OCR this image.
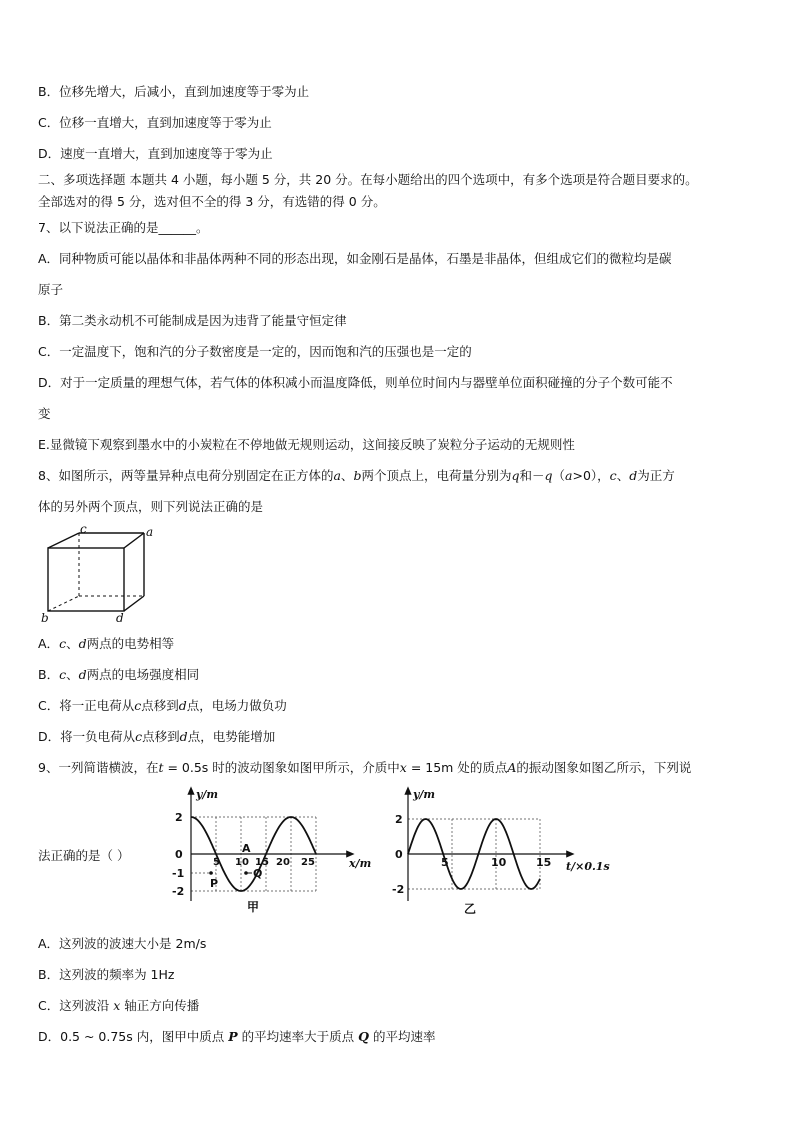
B．位移先增大，后减小，直到加速度等于零为止
C．位移一直增大，直到加速度等于零为止
D．速度一直增大，直到加速度等于零为止
二、多项选择题 本题共 4 小题，每小题 5 分，共 20 分。在每小题给出的四个选项中，有多个选项是符合题目要求的。
全部选对的得 5 分，选对但不全的得 3 分，有选错的得 0 分。
7、以下说法正确的是______。
A．同种物质可能以晶体和非晶体两种不同的形态出现，如金刚石是晶体，石墨是非晶体，但组成它们的微粒均是碳
原子
B．第二类永动机不可能制成是因为违背了能量守恒定律
C．一定温度下，饱和汽的分子数密度是一定的，因而饱和汽的压强也是一定的
D．对于一定质量的理想气体，若气体的体积减小而温度降低，则单位时间内与器壁单位面积碰撞的分子个数可能不
变
E.显微镜下观察到墨水中的小炭粒在不停地做无规则运动，这间接反映了炭粒分子运动的无规则性
8、如图所示，两等量异种点电荷分别固定在正方体的a、b两个顶点上，电荷量分别为q和－q（a>0），c、d为正方
体的另外两个顶点，则下列说法正确的是
c	a
b	d
A．c、d两点的电势相等
B．c、d两点的电场强度相同
C．将一正电荷从c点移到d点，电场力做负功
D．将一负电荷从c点移到d点，电势能增加
9、一列简谐横波，在t = 0.5s 时的波动图象如图甲所示，介质中x = 15m 处的质点A的振动图象如图乙所示，下列说
法正确的是（ ）
y/m
x/m
2
0
-1
-2
5 10 15 20 25
A
P
Q
甲
y/m
t/×0.1s
2
0
-2
5	10	15
乙
A．这列波的波速大小是 2m/s
B．这列波的频率为 1Hz
C．这列波沿 x 轴正方向传播
D．0.5 ~ 0.75s 内，图甲中质点 P 的平均速率大于质点 Q 的平均速率
